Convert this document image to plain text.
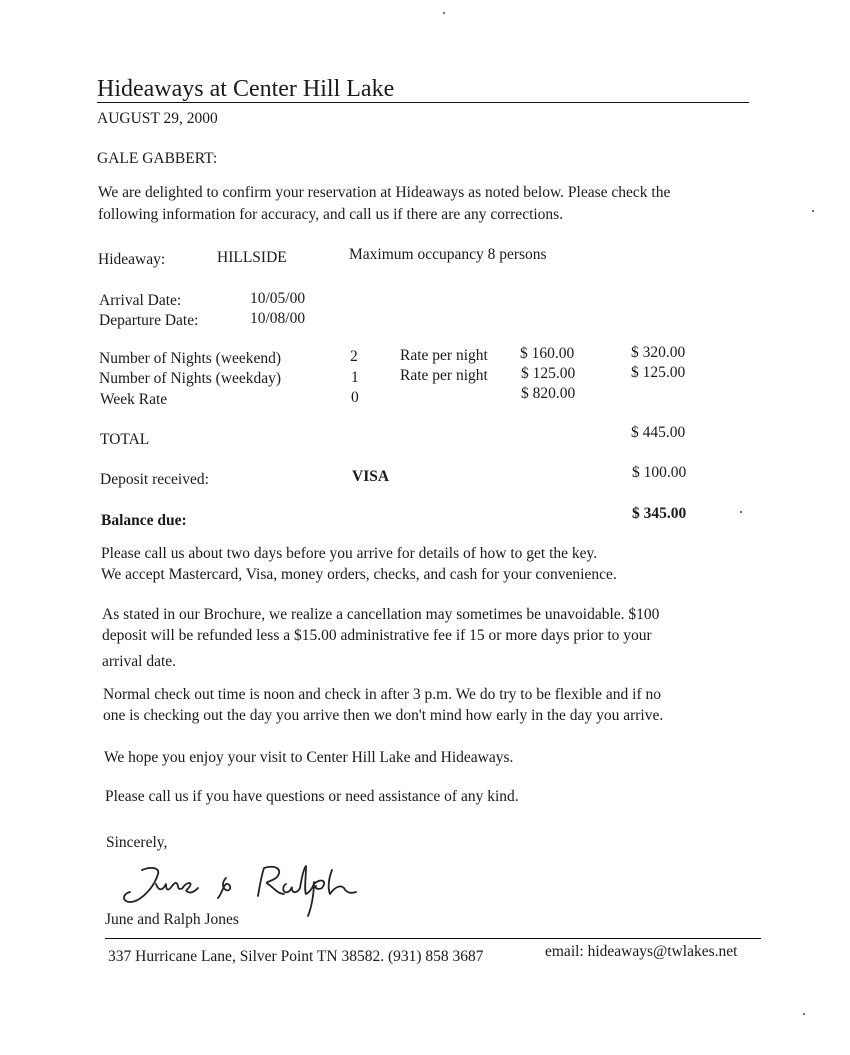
Hideaways at Center Hill Lake
AUGUST 29, 2000
GALE GABBERT:
We are delighted to confirm your reservation at Hideaways as noted below. Please check the
following information for accuracy, and call us if there are any corrections.
Hideaway:	HILLSIDE	Maximum occupancy 8 persons
Arrival Date:	10/05/00
Departure Date:	10/08/00
Number of Nights (weekend)	2	Rate per night $ 160.00	$ 320.00
Number of Nights (weekday)	1	Rate per night $ 125.00	$ 125.00
Week Rate	0	$ 820.00
TOTAL	$ 445.00
Deposit received:	VISA	$ 100.00
Balance due:	$ 345.00
Please call us about two days before you arrive for details of how to get the key.
We accept Mastercard, Visa, money orders, checks, and cash for your convenience.
As stated in our Brochure, we realize a cancellation may sometimes be unavoidable. $100
deposit will be refunded less a $15.00 administrative fee if 15 or more days prior to your
arrival date.
Normal check out time is noon and check in after 3 p.m. We do try to be flexible and if no
one is checking out the day you arrive then we don't mind how early in the day you arrive.
We hope you enjoy your visit to Center Hill Lake and Hideaways.
Please call us if you have questions or need assistance of any kind.
Sincerely,
June and Ralph Jones
337 Hurricane Lane, Silver Point TN 38582. (931) 858 3687	email: hideaways@twlakes.net
